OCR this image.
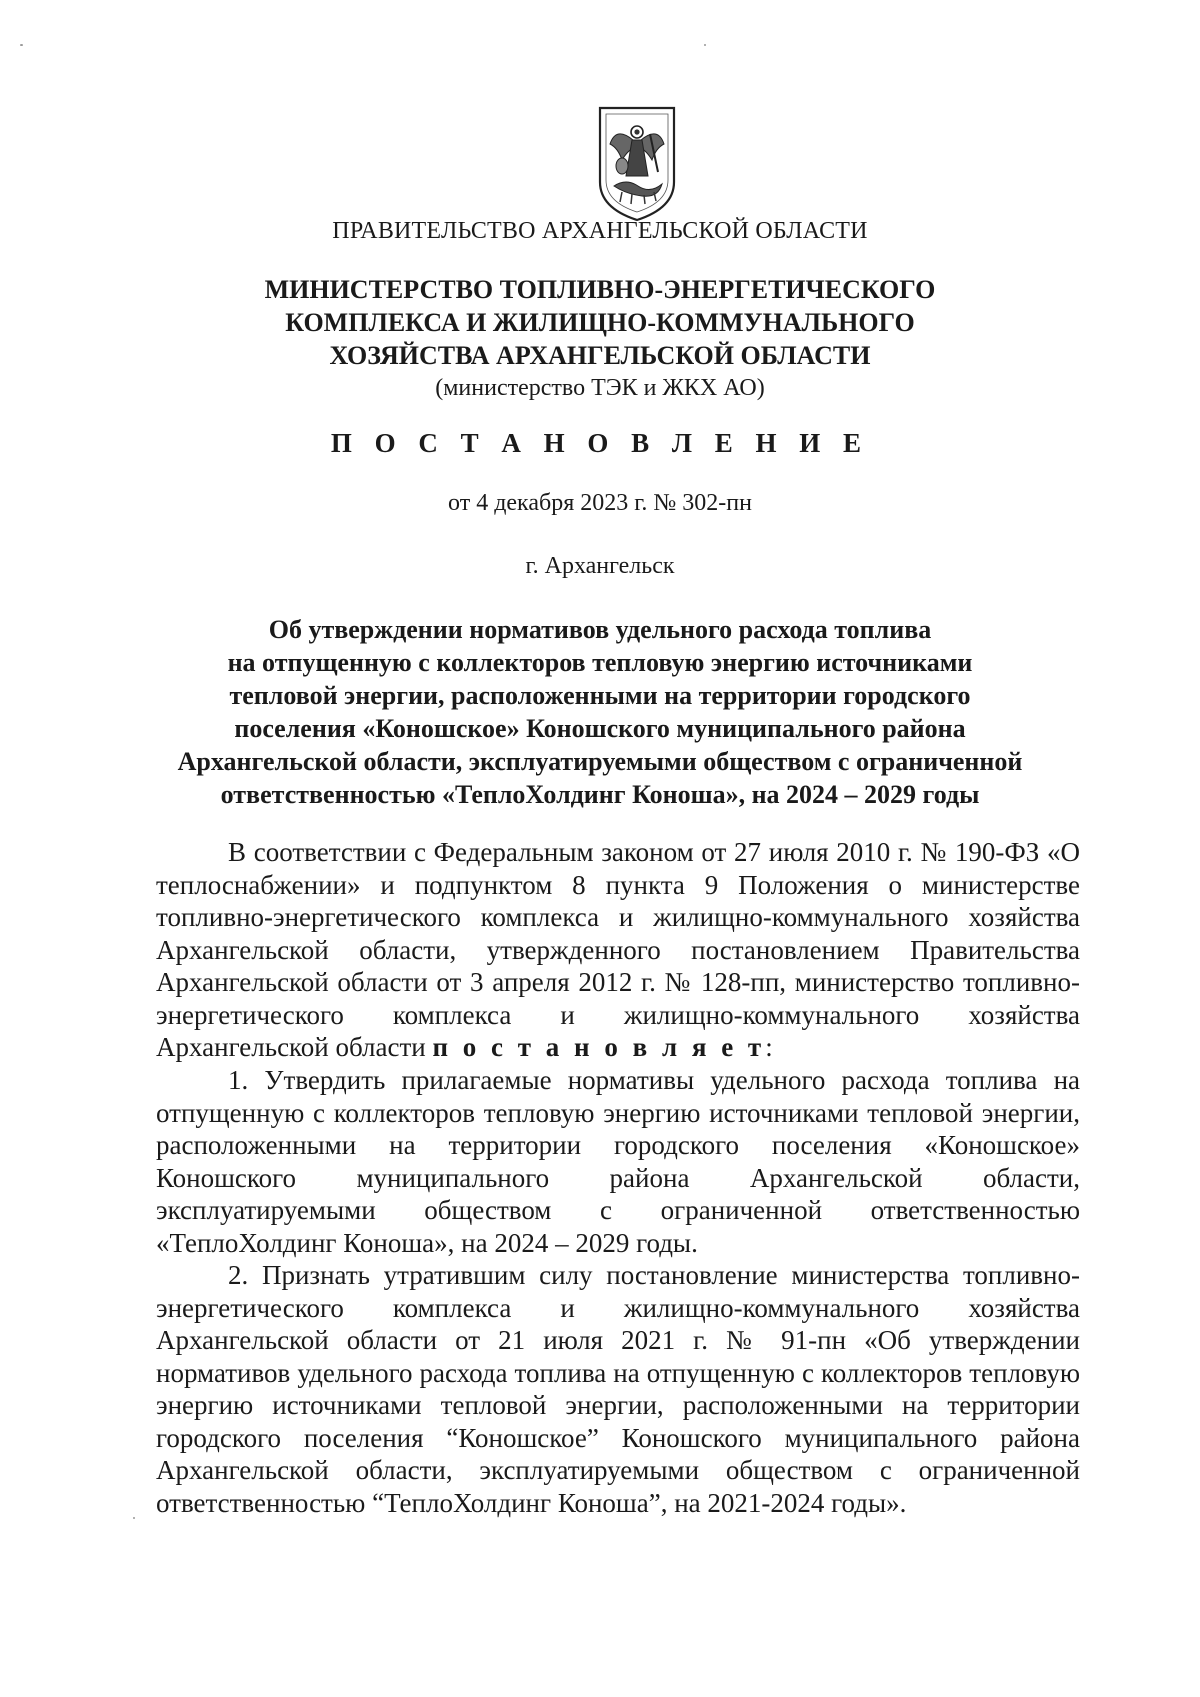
ПРАВИТЕЛЬСТВО АРХАНГЕЛЬСКОЙ ОБЛАСТИ
МИНИСТЕРСТВО ТОПЛИВНО-ЭНЕРГЕТИЧЕСКОГО
КОМПЛЕКСА И ЖИЛИЩНО-КОММУНАЛЬНОГО
ХОЗЯЙСТВА АРХАНГЕЛЬСКОЙ ОБЛАСТИ
(министерство ТЭК и ЖКХ АО)
П О С Т А Н О В Л Е Н И Е
от 4 декабря 2023 г. № 302-пн
г. Архангельск
Об утверждении нормативов удельного расхода топлива
на отпущенную с коллекторов тепловую энергию источниками
тепловой энергии, расположенными на территории городского
поселения «Коношское» Коношского муниципального района
Архангельской области, эксплуатируемыми обществом с ограниченной
ответственностью «ТеплоХолдинг Коноша», на 2024 – 2029 годы
В соответствии с Федеральным законом от 27 июля 2010 г. № 190-ФЗ «О теплоснабжении» и подпунктом 8 пункта 9 Положения о министерстве топливно-энергетического комплекса и жилищно-коммунального хозяйства Архангельской области, утвержденного постановлением Правительства Архангельской области от 3 апреля 2012 г. № 128-пп, министерство топливно-энергетического комплекса и жилищно-коммунального хозяйства Архангельской области п о с т а н о в л я е т:
1. Утвердить прилагаемые нормативы удельного расхода топлива на отпущенную с коллекторов тепловую энергию источниками тепловой энергии, расположенными на территории городского поселения «Коношское» Коношского муниципального района Архангельской области, эксплуатируемыми обществом с ограниченной ответственностью «ТеплоХолдинг Коноша», на 2024 – 2029 годы.
2. Признать утратившим силу постановление министерства топливно-энергетического комплекса и жилищно-коммунального хозяйства Архангельской области от 21 июля 2021 г. № 91-пн «Об утверждении нормативов удельного расхода топлива на отпущенную с коллекторов тепловую энергию источниками тепловой энергии, расположенными на территории городского поселения “Коношское” Коношского муниципального района Архангельской области, эксплуатируемыми обществом с ограниченной ответственностью “ТеплоХолдинг Коноша”, на 2021-2024 годы».
